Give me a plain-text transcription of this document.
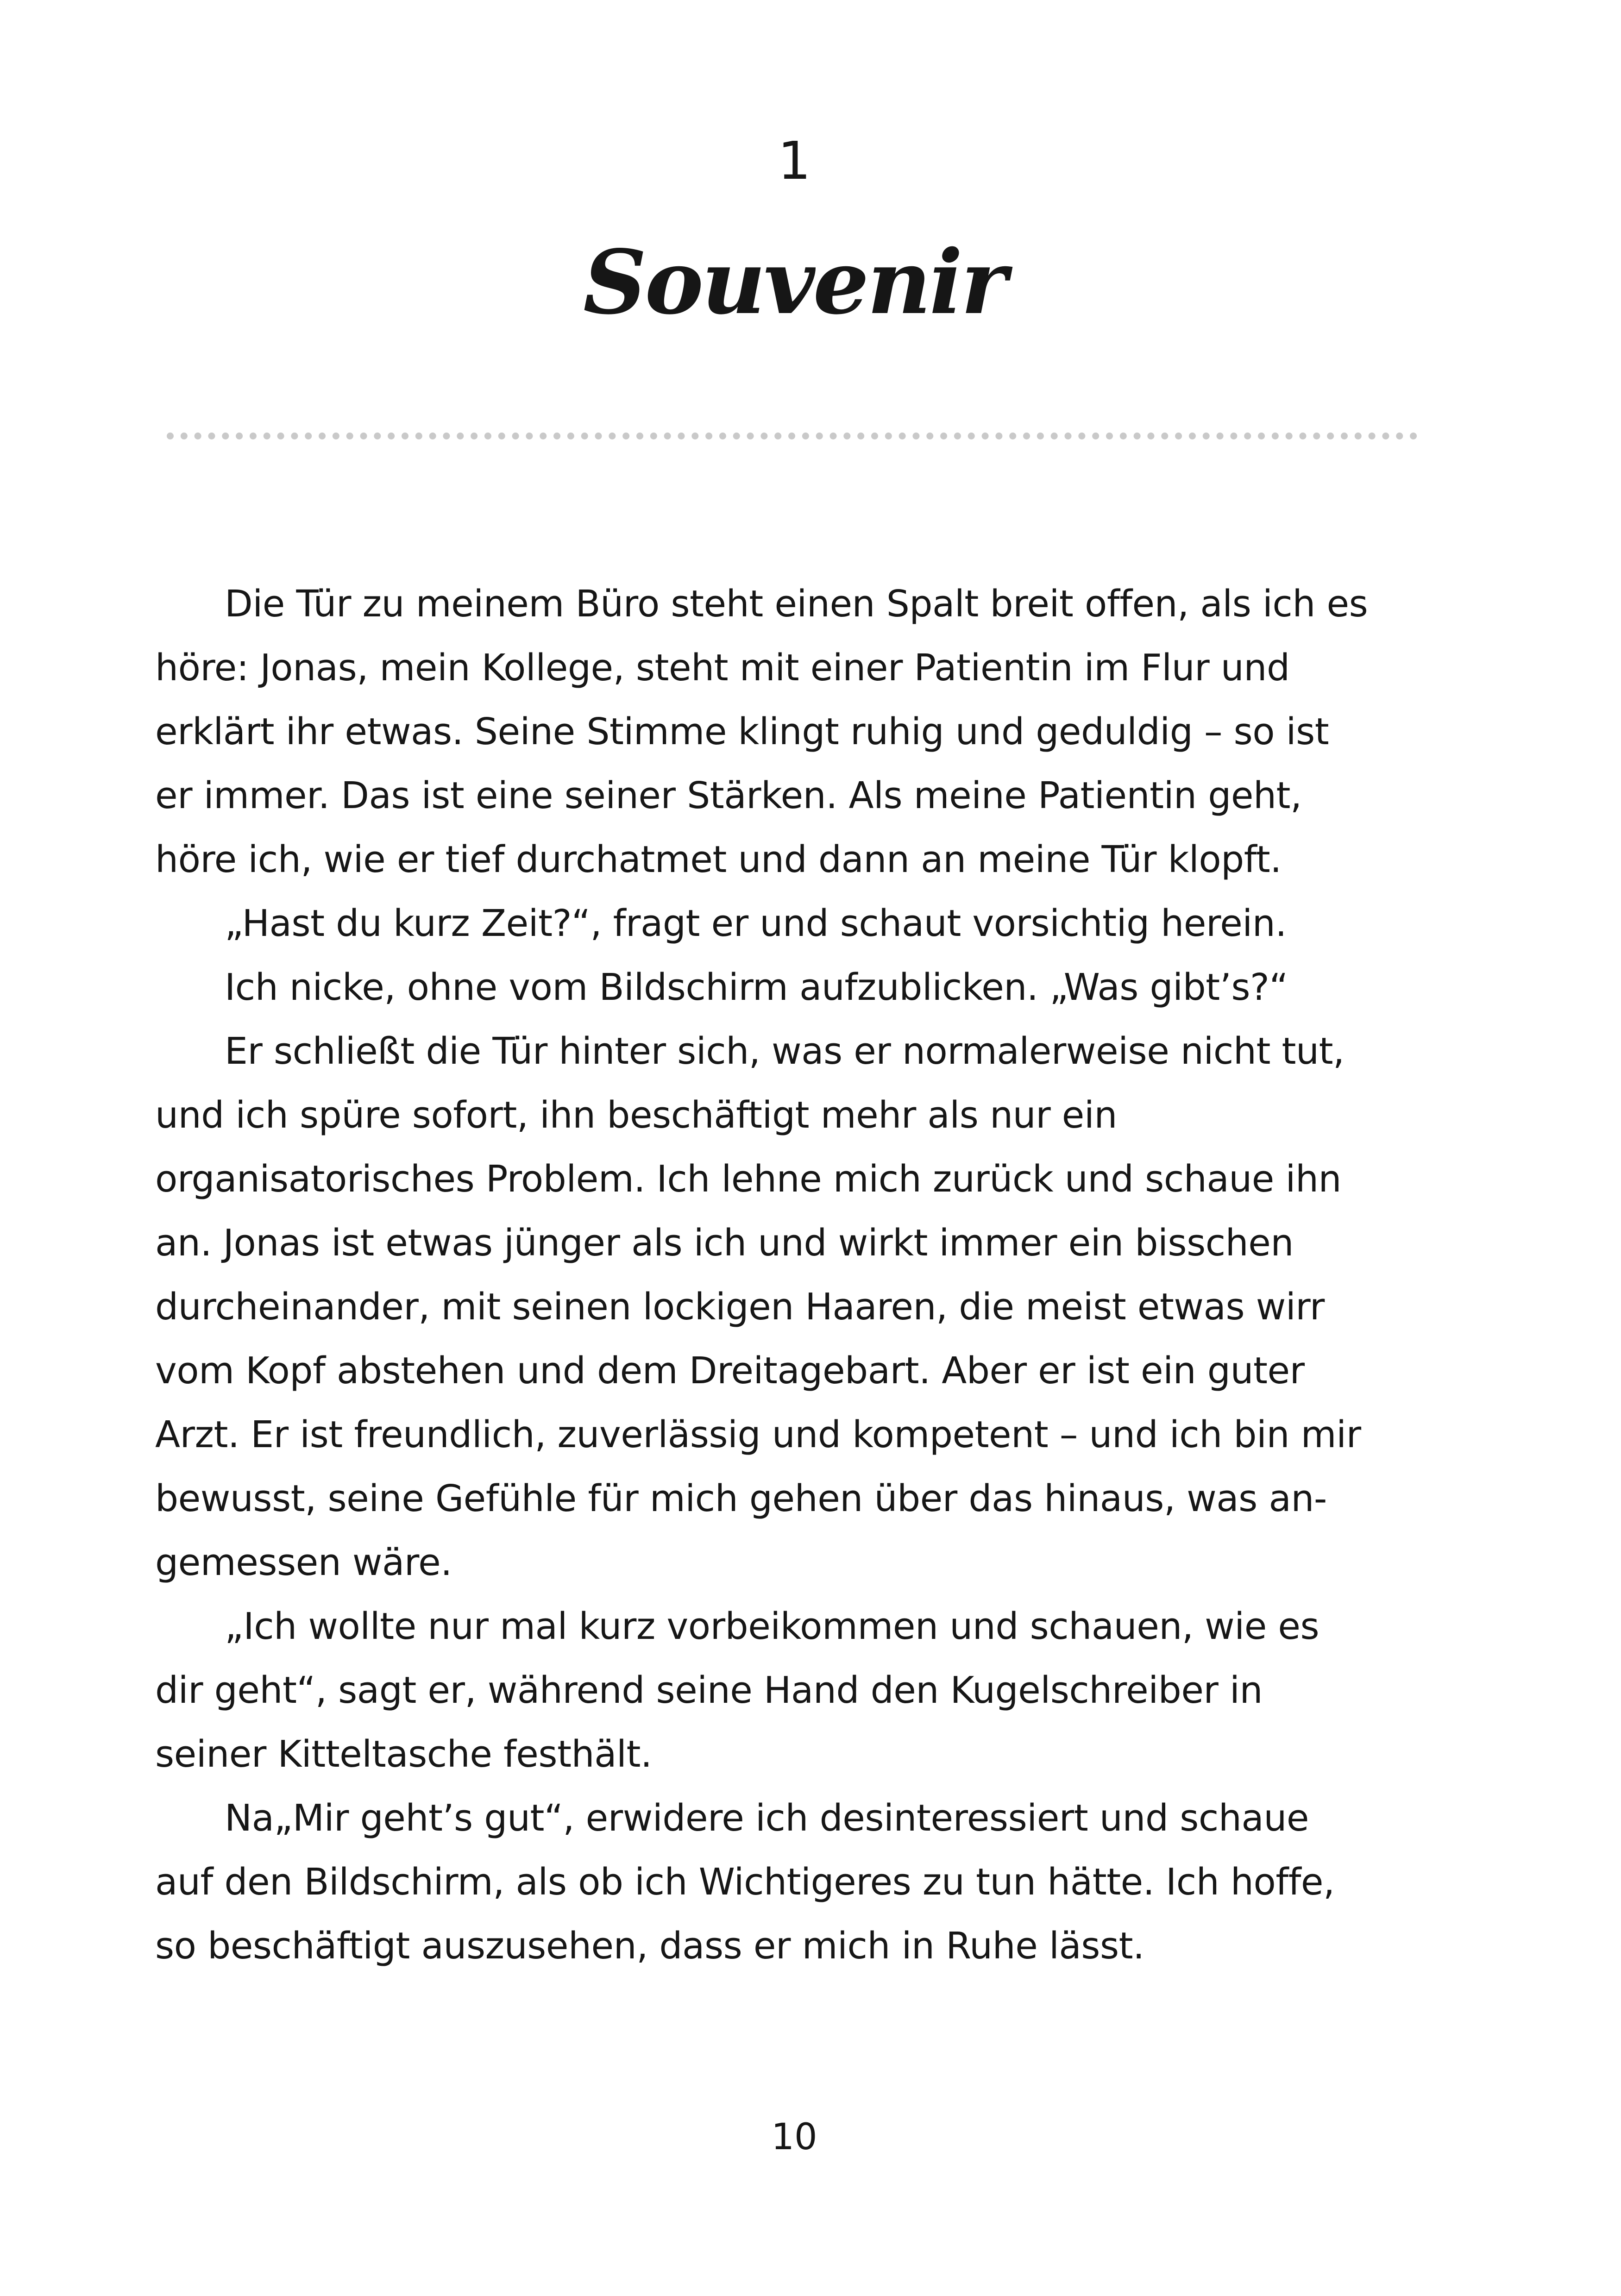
1
Souvenir
Die Tür zu meinem Büro steht einen Spalt breit offen, als ich es
höre: Jonas, mein Kollege, steht mit einer Patientin im Flur und
erklärt ihr etwas. Seine Stimme klingt ruhig und geduldig – so ist
er immer. Das ist eine seiner Stärken. Als meine Patientin geht,
höre ich, wie er tief durchatmet und dann an meine Tür klopft.
„Hast du kurz Zeit?“, fragt er und schaut vorsichtig herein.
Ich nicke, ohne vom Bildschirm aufzublicken. „Was gibt’s?“
Er schließt die Tür hinter sich, was er normalerweise nicht tut,
und ich spüre sofort, ihn beschäftigt mehr als nur ein
organisatorisches Problem. Ich lehne mich zurück und schaue ihn
an. Jonas ist etwas jünger als ich und wirkt immer ein bisschen
durcheinander, mit seinen lockigen Haaren, die meist etwas wirr
vom Kopf abstehen und dem Dreitagebart. Aber er ist ein guter
Arzt. Er ist freundlich, zuverlässig und kompetent – und ich bin mir
bewusst, seine Gefühle für mich gehen über das hinaus, was an-
gemessen wäre.
„Ich wollte nur mal kurz vorbeikommen und schauen, wie es
dir geht“, sagt er, während seine Hand den Kugelschreiber in
seiner Kitteltasche festhält.
Na„Mir geht’s gut“, erwidere ich desinteressiert und schaue
auf den Bildschirm, als ob ich Wichtigeres zu tun hätte. Ich hoffe,
so beschäftigt auszusehen, dass er mich in Ruhe lässt.
10
